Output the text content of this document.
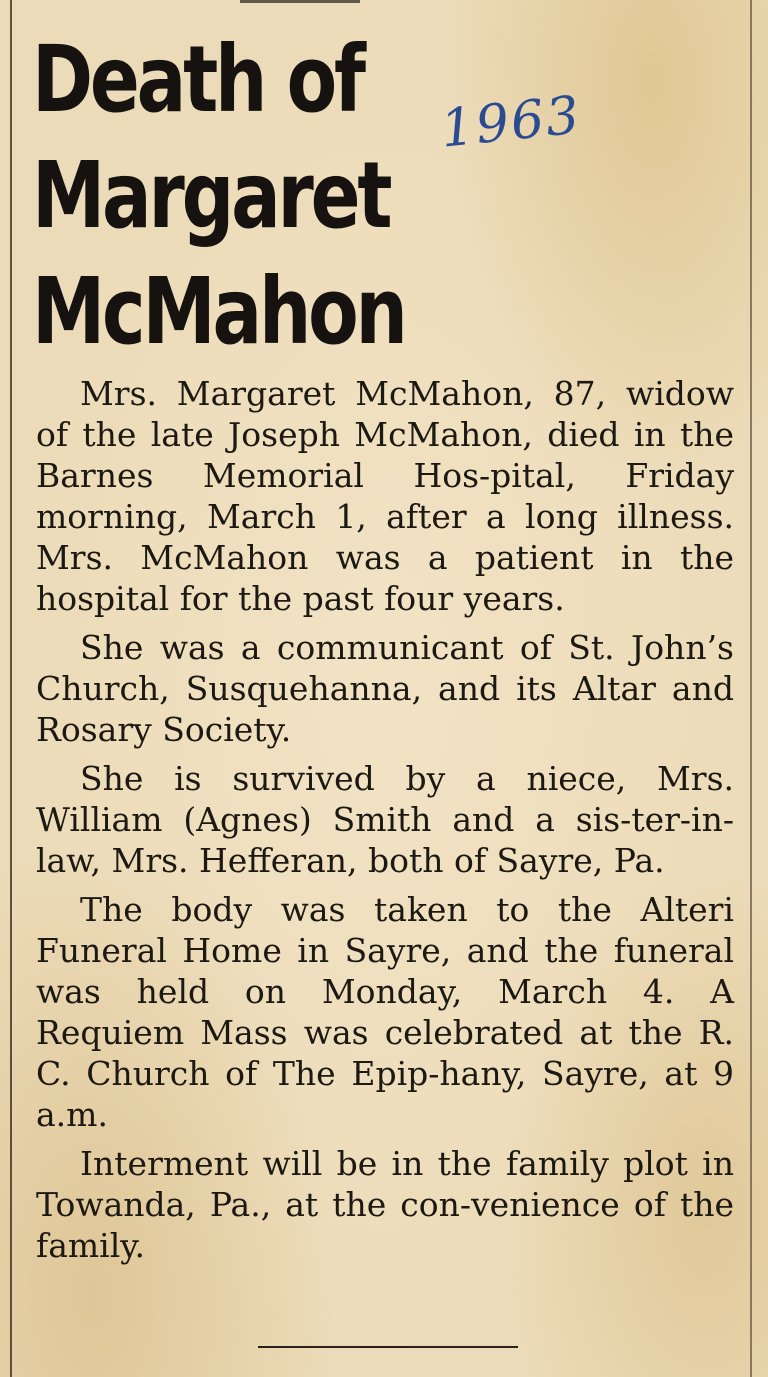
Death of
Margaret
McMahon
1963

Mrs. Margaret McMahon, 87, widow of the late Joseph McMahon, died in the Barnes Memorial Hos-pital, Friday morning, March 1, after a long illness. Mrs. McMahon was a patient in the hospital for the past four years.

She was a communicant of St. John’s Church, Susquehanna, and its Altar and Rosary Society.

She is survived by a niece, Mrs. William (Agnes) Smith and a sis-ter-in-law, Mrs. Hefferan, both of Sayre, Pa.

The body was taken to the Alteri Funeral Home in Sayre, and the funeral was held on Monday, March 4. A Requiem Mass was celebrated at the R. C. Church of The Epip-hany, Sayre, at 9 a.m.

Interment will be in the family plot in Towanda, Pa., at the con-venience of the family.
